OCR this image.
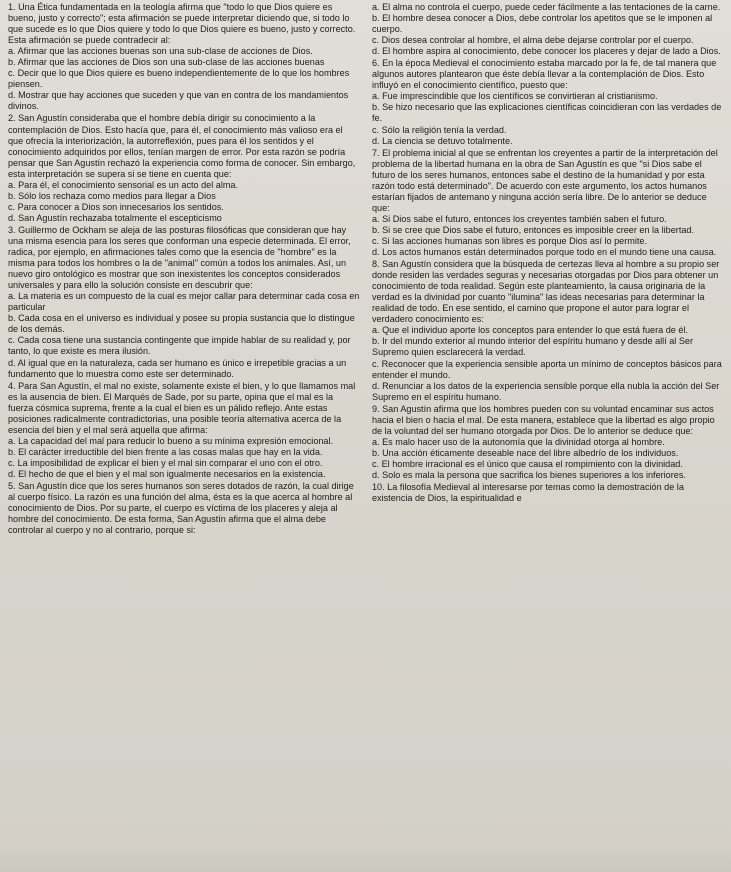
1. Una Ética fundamentada en la teología afirma que "todo lo que Dios quiere es bueno, justo y correcto"; esta afirmación se puede interpretar diciendo que, si todo lo que sucede es lo que Dios quiere y todo lo que Dios quiere es bueno, justo y correcto. Esta afirmación se puede contradecir al:

a. Afirmar que las acciones buenas son una sub-clase de acciones de Dios.

b. Afirmar que las acciones de Dios son una sub-clase de las acciones buenas

c. Decir que lo que Dios quiere es bueno independientemente de lo que los hombres piensen.

d. Mostrar que hay acciones que suceden y que van en contra de los mandamientos divinos.

2. San Agustín consideraba que el hombre debía dirigir su conocimiento a la contemplación de Dios. Esto hacía que, para él, el conocimiento más valioso era el que ofrecía la interiorización, la autorreflexión, pues para él los sentidos y el conocimiento adquiridos por ellos, tenían margen de error. Por esta razón se podría pensar que San Agustín rechazó la experiencia como forma de conocer. Sin embargo, esta interpretación se supera si se tiene en cuenta que:

a. Para él, el conocimiento sensorial es un acto del alma.

b. Sólo los rechaza como medios para llegar a Dios

c. Para conocer a Dios son innecesarios los sentidos.

d. San Agustín rechazaba totalmente el escepticismo

3. Guillermo de Ockham se aleja de las posturas filosóficas que consideran que hay una misma esencia para los seres que conforman una especie determinada. El error, radica, por ejemplo, en afirmaciones tales como que la esencia de "hombre" es la misma para todos los hombres o la de "animal" común a todos los animales. Así, un nuevo giro ontológico es mostrar que son inexistentes los conceptos considerados universales y para ello la solución consiste en descubrir que:

a. La materia es un compuesto de la cual es mejor callar para determinar cada cosa en particular

b. Cada cosa en el universo es individual y posee su propia sustancia que lo distingue de los demás.

c. Cada cosa tiene una sustancia contingente que impide hablar de su realidad y, por tanto, lo que existe es mera ilusión.

d. Al igual que en la naturaleza, cada ser humano es único e irrepetible gracias a un fundamento que lo muestra como este ser determinado.

4. Para San Agustín, el mal no existe, solamente existe el bien, y lo que llamamos mal es la ausencia de bien. El Marqués de Sade, por su parte, opina que el mal es la fuerza cósmica suprema, frente a la cual el bien es un pálido reflejo. Ante estas posiciones radicalmente contradictorias, una posible teoría alternativa acerca de la esencia del bien y el mal será aquella que afirma:

a. La capacidad del mal para reducir lo bueno a su mínima expresión emocional.

b. El carácter irreductible del bien frente a las cosas malas que hay en la vida.

c. La imposibilidad de explicar el bien y el mal sin comparar el uno con el otro.

d. El hecho de que el bien y el mal son igualmente necesarios en la existencia.

5. San Agustín dice que los seres humanos son seres dotados de razón, la cual dirige al cuerpo físico. La razón es una función del alma, ésta es la que acerca al hombre al conocimiento de Dios. Por su parte, el cuerpo es víctima de los placeres y aleja al hombre del conocimiento. De esta forma, San Agustín afirma que el alma debe controlar al cuerpo y no al contrario, porque si:

a. El alma no controla el cuerpo, puede ceder fácilmente a las tentaciones de la carne.

b. El hombre desea conocer a Dios, debe controlar los apetitos que se le imponen al cuerpo.

c. Dios desea controlar al hombre, el alma debe dejarse controlar por el cuerpo.

d. El hombre aspira al conocimiento, debe conocer los placeres y dejar de lado a Dios.

6. En la época Medieval el conocimiento estaba marcado por la fe, de tal manera que algunos autores plantearon que éste debía llevar a la contemplación de Dios. Esto influyó en el conocimiento científico, puesto que:

a. Fue imprescindible que los científicos se convirtieran al cristianismo.

b. Se hizo necesario que las explicaciones científicas coincidieran con las verdades de fe.

c. Sólo la religión tenía la verdad.

d. La ciencia se detuvo totalmente.

7. El problema inicial al que se enfrentan los creyentes a partir de la interpretación del problema de la libertad humana en la obra de San Agustín es que "si Dios sabe el futuro de los seres humanos, entonces sabe el destino de la humanidad y por esta razón todo está determinado". De acuerdo con este argumento, los actos humanos estarían fijados de antemano y ninguna acción sería libre. De lo anterior se deduce que:

a. Si Dios sabe el futuro, entonces los creyentes también saben el futuro.

b. Si se cree que Dios sabe el futuro, entonces es imposible creer en la libertad.

c. Si las acciones humanas son libres es porque Dios así lo permite.

d. Los actos humanos están determinados porque todo en el mundo tiene una causa.

8. San Agustín considera que la búsqueda de certezas lleva al hombre a su propio ser donde residen las verdades seguras y necesarias otorgadas por Dios para obtener un conocimiento de toda realidad. Según este planteamiento, la causa originaria de la verdad es la divinidad por cuanto "ilumina" las ideas necesarias para determinar la realidad de todo. En ese sentido, el camino que propone el autor para lograr el verdadero conocimiento es:

a. Que el individuo aporte los conceptos para entender lo que está fuera de él.

b. Ir del mundo exterior al mundo interior del espíritu humano y desde allí al Ser Supremo quien esclarecerá la verdad.

c. Reconocer que la experiencia sensible aporta un mínimo de conceptos básicos para entender el mundo.

d. Renunciar a los datos de la experiencia sensible porque ella nubla la acción del Ser Supremo en el espíritu humano.

9. San Agustín afirma que los hombres pueden con su voluntad encaminar sus actos hacia el bien o hacia el mal. De esta manera, establece que la libertad es algo propio de la voluntad del ser humano otorgada por Dios. De lo anterior se deduce que:

a. Es malo hacer uso de la autonomía que la divinidad otorga al hombre.

b. Una acción éticamente deseable nace del libre albedrío de los individuos.

c. El hombre irracional es el único que causa el rompimiento con la divinidad.

d. Solo es mala la persona que sacrifica los bienes superiores a los inferiores.

10. La filosofía Medieval al interesarse por temas como la demostración de la existencia de Dios, la espiritualidad e
